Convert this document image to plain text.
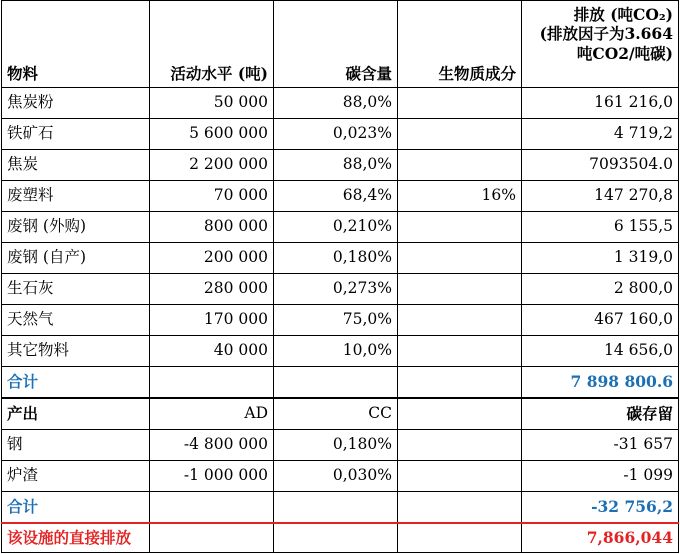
物料	活动水平 (吨)	碳含量	生物质成分	排放 (吨CO₂)
(排放因子为3.664
吨CO2/吨碳)

焦炭粉	50 000	88,0%		161 216,0
铁矿石	5 600 000	0,023%		4 719,2
焦炭	2 200 000	88,0%		7093504.0
废塑料	70 000	68,4%	16%	147 270,8
废钢 (外购)	800 000	0,210%		6 155,5
废钢 (自产)	200 000	0,180%		1 319,0
生石灰	280 000	0,273%		2 800,0
天然气	170 000	75,0%		467 160,0
其它物料	40 000	10,0%		14 656,0
合计				7 898 800.6
产出	AD	CC		碳存留
钢	-4 800 000	0,180%		-31 657
炉渣	-1 000 000	0,030%		-1 099
合计				-32 756,2
该设施的直接排放				7,866,044
